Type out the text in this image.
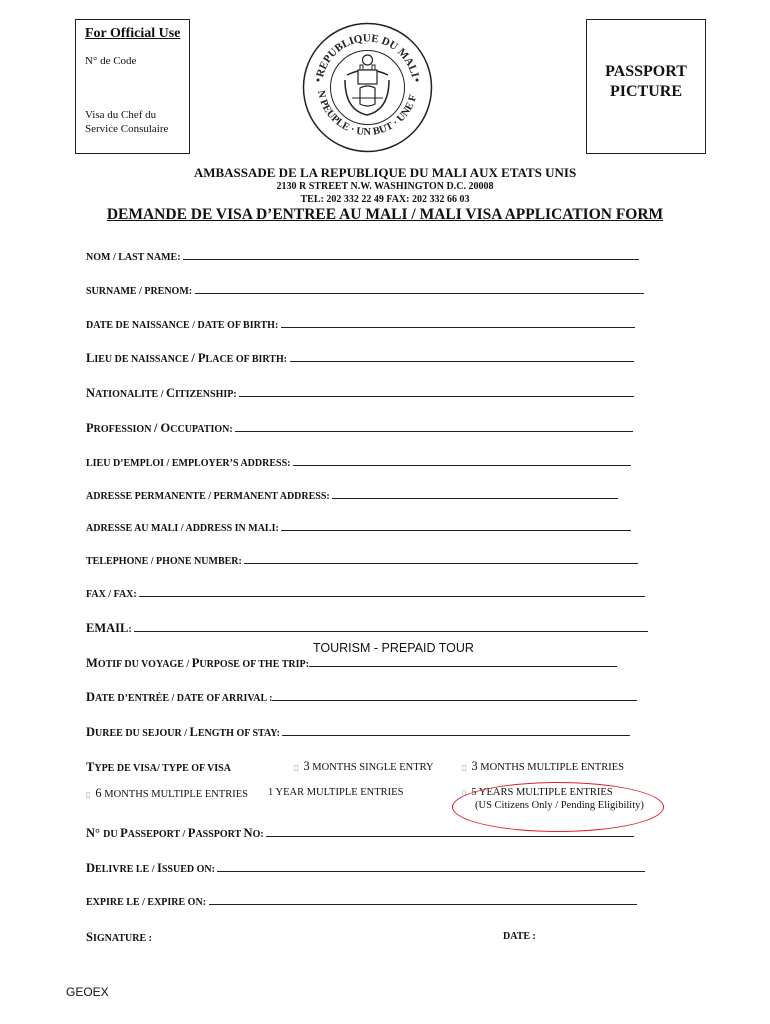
For Official Use
N° de Code
Visa du Chef du
Service Consulaire
REPUBLIQUE DU MALI
N PEUPLE · UN BUT · UNE F
PASSPORT
PICTURE
AMBASSADE DE LA REPUBLIQUE DU MALI AUX ETATS UNIS
2130 R STREET N.W. WASHINGTON D.C. 20008
TEL: 202 332 22 49 FAX: 202 332 66 03
DEMANDE DE VISA D’ENTREE AU MALI / MALI VISA APPLICATION FORM
NOM / LAST NAME:
SURNAME / PRENOM:
DATE DE NAISSANCE / DATE OF BIRTH:
LIEU DE NAISSANCE / PLACE OF BIRTH:
NATIONALITE / CITIZENSHIP:
PROFESSION / OCCUPATION:
LIEU D’EMPLOI / EMPLOYER’S ADDRESS:
ADRESSE PERMANENTE / PERMANENT ADDRESS:
ADRESSE AU MALI / ADDRESS IN MALI:
TELEPHONE / PHONE NUMBER:
FAX / FAX:
EMAIL:
TOURISM - PREPAID TOUR
MOTIF DU VOYAGE / PURPOSE OF THE TRIP:
DATE D’ENTRÉE / DATE OF ARRIVAL :
DUREE DU SEJOUR / LENGTH OF STAY:
TYPE DE VISA/ TYPE OF VISA	▯ 3 MONTHS SINGLE ENTRY	▯ 3 MONTHS MULTIPLE ENTRIES
▯ 6 MONTHS MULTIPLE ENTRIES 1 YEAR MULTIPLE ENTRIES	▯ 5 YEARS MULTIPLE ENTRIES
(US Citizens Only / Pending Eligibility)
N° DU PASSEPORT / PASSPORT NO:
DELIVRE LE / ISSUED ON:
EXPIRE LE / EXPIRE ON:
SIGNATURE :	DATE :
GEOEX
